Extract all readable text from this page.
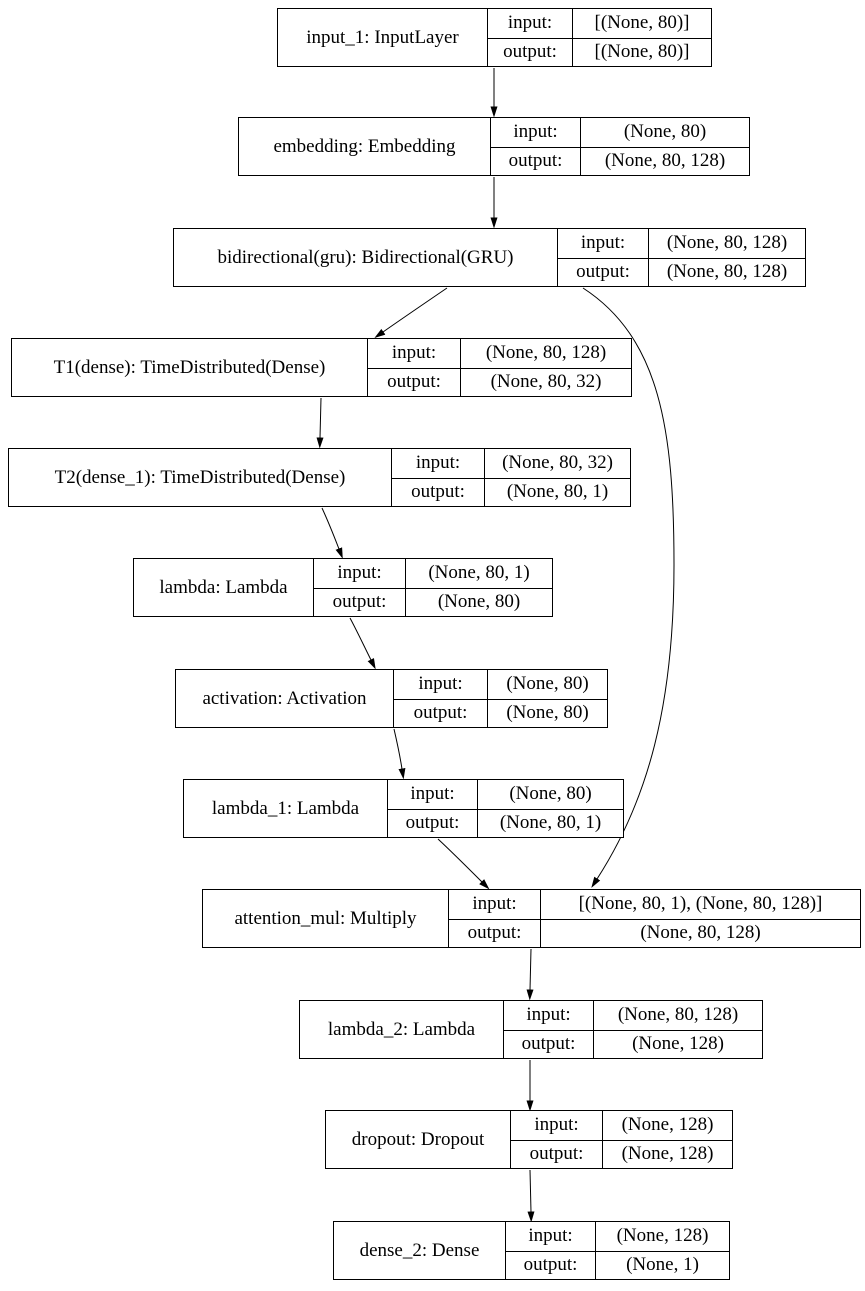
input_1: InputLayer
input:	[(None, 80)]
output:	[(None, 80)]
embedding: Embedding
input:	(None, 80)
output:	(None, 80, 128)
bidirectional(gru): Bidirectional(GRU)
input:	(None, 80, 128)
output:	(None, 80, 128)
T1(dense): TimeDistributed(Dense)
input:	(None, 80, 128)
output:	(None, 80, 32)
T2(dense_1): TimeDistributed(Dense)
input:	(None, 80, 32)
output:	(None, 80, 1)
lambda: Lambda
input:	(None, 80, 1)
output:	(None, 80)
activation: Activation
input:	(None, 80)
output:	(None, 80)
lambda_1: Lambda
input:	(None, 80)
output:	(None, 80, 1)
attention_mul: Multiply
input:	[(None, 80, 1), (None, 80, 128)]
output:	(None, 80, 128)
lambda_2: Lambda
input:	(None, 80, 128)
output:	(None, 128)
dropout: Dropout
input:	(None, 128)
output:	(None, 128)
dense_2: Dense
input:	(None, 128)
output:	(None, 1)
